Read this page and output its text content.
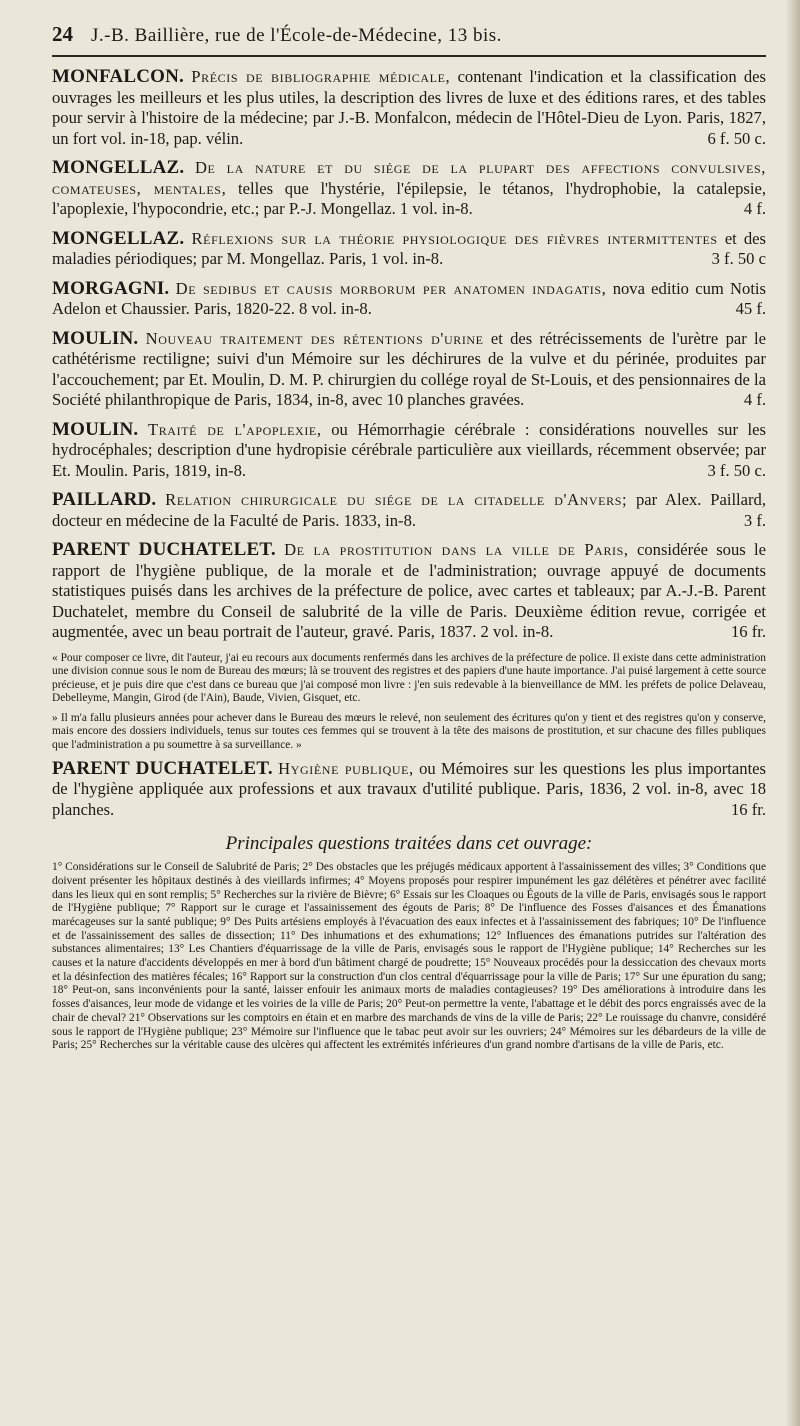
24 J.-B. Baillière, rue de l'École-de-Médecine, 13 bis.

MONFALCON. Précis de bibliographie médicale, contenant l'indication et la classification des ouvrages les meilleurs et les plus utiles, la description des livres de luxe et des éditions rares, et des tables pour servir à l'histoire de la médecine; par J.-B. Monfalcon, médecin de l'Hôtel-Dieu de Lyon. Paris, 1827, un fort vol. in-18, pap. vélin.	6 f. 50 c.

MONGELLAZ. De la nature et du siége de la plupart des affections convulsives, comateuses, mentales, telles que l'hystérie, l'épilepsie, le tétanos, l'hydrophobie, la catalepsie, l'apoplexie, l'hypocondrie, etc.; par P.-J. Mongellaz. 1 vol. in-8.	4 f.

MONGELLAZ. Réflexions sur la théorie physiologique des fièvres intermittentes et des maladies périodiques; par M. Mongellaz. Paris, 1 vol. in-8.	3 f. 50 c

MORGAGNI. De sedibus et causis morborum per anatomen indagatis, nova editio cum Notis Adelon et Chaussier. Paris, 1820-22. 8 vol. in-8.	45 f.

MOULIN. Nouveau traitement des rétentions d'urine et des rétrécissements de l'urètre par le cathétérisme rectiligne; suivi d'un Mémoire sur les déchirures de la vulve et du périnée, produites par l'accouchement; par Et. Moulin, D. M. P. chirurgien du collége royal de St-Louis, et des pensionnaires de la Société philanthropique de Paris, 1834, in-8, avec 10 planches gravées.	4 f.

MOULIN. Traité de l'apoplexie, ou Hémorrhagie cérébrale : considérations nouvelles sur les hydrocéphales; description d'une hydropisie cérébrale particulière aux vieillards, récemment observée; par Et. Moulin. Paris, 1819, in-8.	3 f. 50 c.

PAILLARD. Relation chirurgicale du siége de la citadelle d'Anvers; par Alex. Paillard, docteur en médecine de la Faculté de Paris. 1833, in-8.	3 f.

PARENT DUCHATELET. De la prostitution dans la ville de Paris, considérée sous le rapport de l'hygiène publique, de la morale et de l'administration; ouvrage appuyé de documents statistiques puisés dans les archives de la préfecture de police, avec cartes et tableaux; par A.-J.-B. Parent Duchatelet, membre du Conseil de salubrité de la ville de Paris. Deuxième édition revue, corrigée et augmentée, avec un beau portrait de l'auteur, gravé. Paris, 1837. 2 vol. in-8.	16 fr.

« Pour composer ce livre, dit l'auteur, j'ai eu recours aux documents renfermés dans les archives de la préfecture de police. Il existe dans cette administration une division connue sous le nom de Bureau des mœurs; là se trouvent des registres et des papiers d'une haute importance. J'ai puisé largement à cette source précieuse, et je puis dire que c'est dans ce bureau que j'ai composé mon livre : j'en suis redevable à la bienveillance de MM. les préfets de police Delaveau, Debelleyme, Mangin, Girod (de l'Ain), Baude, Vivien, Gisquet, etc.

» Il m'a fallu plusieurs années pour achever dans le Bureau des mœurs le relevé, non seulement des écritures qu'on y tient et des registres qu'on y conserve, mais encore des dossiers individuels, tenus sur toutes ces femmes qui se trouvent à la tête des maisons de prostitution, et sur chacune des filles publiques que l'administration a pu soumettre à sa surveillance. »

PARENT DUCHATELET. Hygiène publique, ou Mémoires sur les questions les plus importantes de l'hygiène appliquée aux professions et aux travaux d'utilité publique. Paris, 1836, 2 vol. in-8, avec 18 planches.	16 fr.

Principales questions traitées dans cet ouvrage:

1° Considérations sur le Conseil de Salubrité de Paris; 2° Des obstacles que les préjugés médicaux apportent à l'assainissement des villes; 3° Conditions que doivent présenter les hôpitaux destinés à des vieillards infirmes; 4° Moyens proposés pour respirer impunément les gaz délétères et pénétrer avec facilité dans les lieux qui en sont remplis; 5° Recherches sur la rivière de Bièvre; 6° Essais sur les Cloaques ou Égouts de la ville de Paris, envisagés sous le rapport de l'Hygiène publique; 7° Rapport sur le curage et l'assainissement des égouts de Paris; 8° De l'influence des Fosses d'aisances et des Émanations marécageuses sur la santé publique; 9° Des Puits artésiens employés à l'évacuation des eaux infectes et à l'assainissement des fabriques; 10° De l'influence et de l'assainissement des salles de dissection; 11° Des inhumations et des exhumations; 12° Influences des émanations putrides sur l'altération des substances alimentaires; 13° Les Chantiers d'équarrissage de la ville de Paris, envisagés sous le rapport de l'Hygiène publique; 14° Recherches sur les causes et la nature d'accidents développés en mer à bord d'un bâtiment chargé de poudrette; 15° Nouveaux procédés pour la dessiccation des chevaux morts et la désinfection des matières fécales; 16° Rapport sur la construction d'un clos central d'équarrissage pour la ville de Paris; 17° Sur une épuration du sang; 18° Peut-on, sans inconvénients pour la santé, laisser enfouir les animaux morts de maladies contagieuses? 19° Des améliorations à introduire dans les fosses d'aisances, leur mode de vidange et les voiries de la ville de Paris; 20° Peut-on permettre la vente, l'abattage et le débit des porcs engraissés avec de la chair de cheval? 21° Observations sur les comptoirs en étain et en marbre des marchands de vins de la ville de Paris; 22° Le rouissage du chanvre, considéré sous le rapport de l'Hygiène publique; 23° Mémoire sur l'influence que le tabac peut avoir sur les ouvriers; 24° Mémoires sur les débardeurs de la ville de Paris; 25° Recherches sur la véritable cause des ulcères qui affectent les extrémités inférieures d'un grand nombre d'artisans de la ville de Paris, etc.
